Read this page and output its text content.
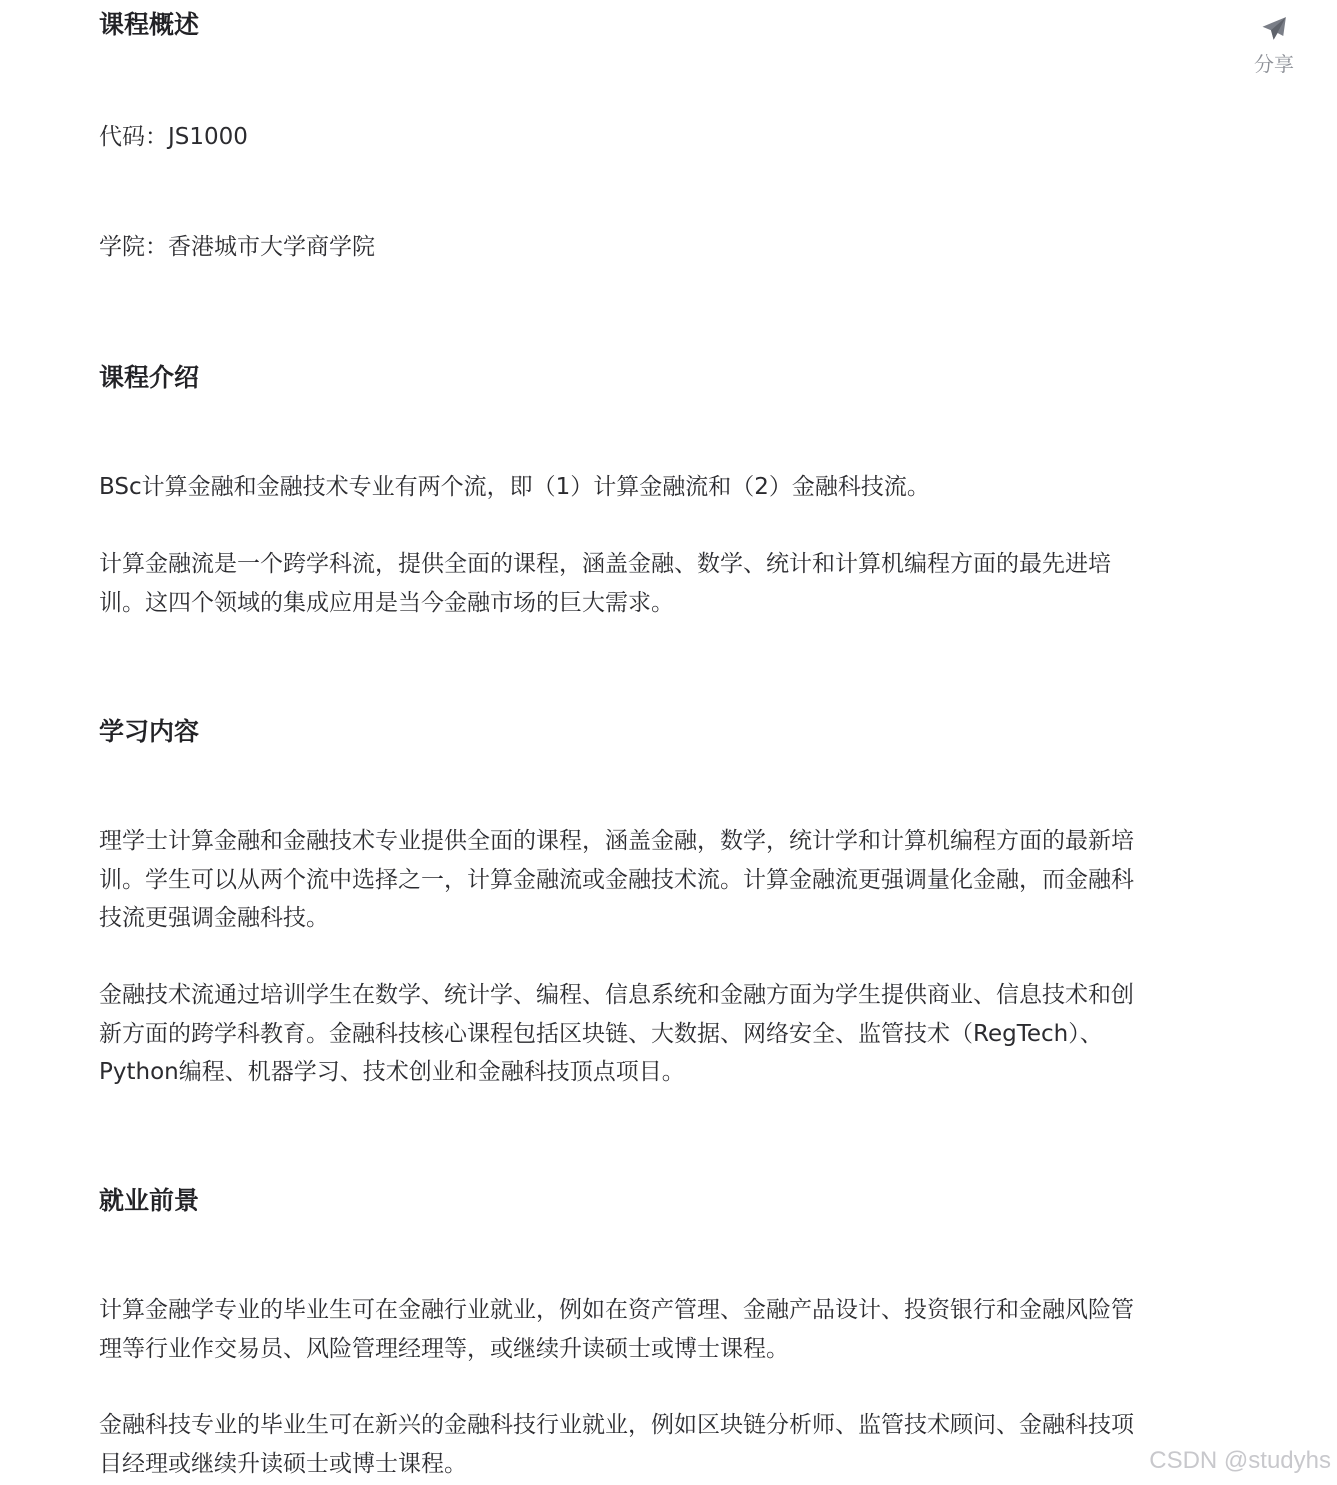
课程概述

代码：JS1000

学院：香港城市大学商学院

课程介绍

BSc计算金融和金融技术专业有两个流，即（1）计算金融流和（2）金融科技流。

计算金融流是一个跨学科流，提供全面的课程，涵盖金融、数学、统计和计算机编程方面的最先进培训。这四个领域的集成应用是当今金融市场的巨大需求。

学习内容

理学士计算金融和金融技术专业提供全面的课程，涵盖金融，数学，统计学和计算机编程方面的最新培训。学生可以从两个流中选择之一，计算金融流或金融技术流。计算金融流更强调量化金融，而金融科技流更强调金融科技。

金融技术流通过培训学生在数学、统计学、编程、信息系统和金融方面为学生提供商业、信息技术和创新方面的跨学科教育。金融科技核心课程包括区块链、大数据、网络安全、监管技术（RegTech）、Python编程、机器学习、技术创业和金融科技顶点项目。

就业前景

计算金融学专业的毕业生可在金融行业就业，例如在资产管理、金融产品设计、投资银行和金融风险管理等行业作交易员、风险管理经理等，或继续升读硕士或博士课程。

金融科技专业的毕业生可在新兴的金融科技行业就业，例如区块链分析师、监管技术顾问、金融科技项目经理或继续升读硕士或博士课程。

分享
CSDN @studyhs
